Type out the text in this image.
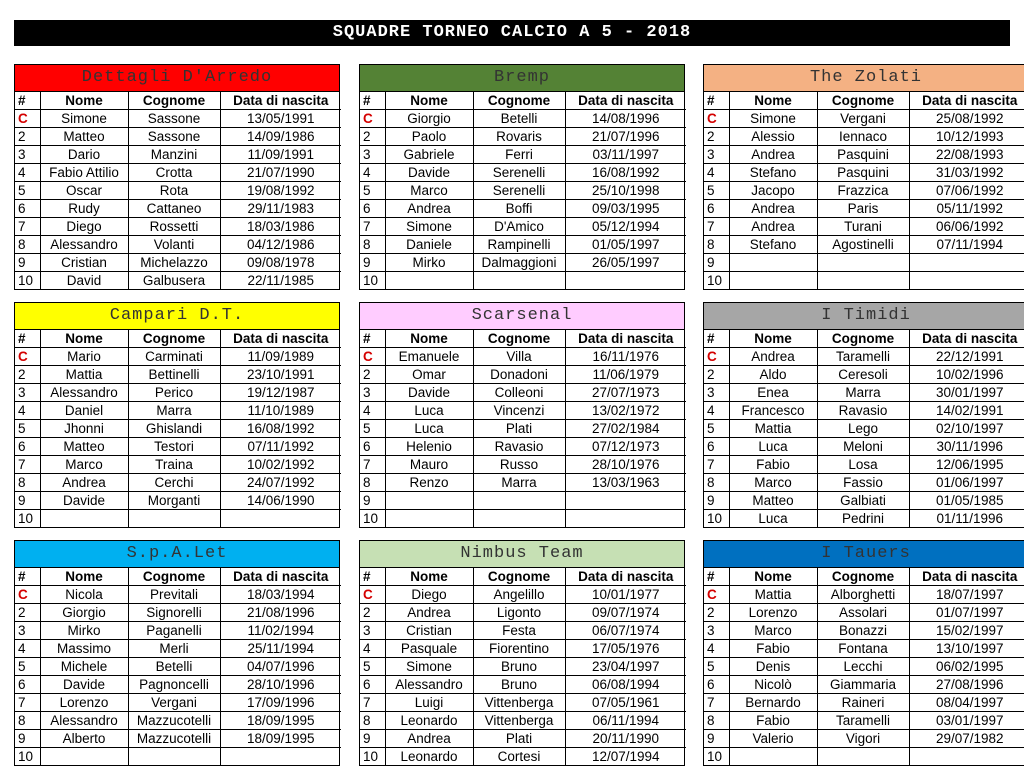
SQUADRE TORNEO CALCIO A 5 - 2018
Dettagli D'Arredo
#	Nome	Cognome	Data di nascita
C	Simone	Sassone	13/05/1991
2	Matteo	Sassone	14/09/1986
3	Dario	Manzini	11/09/1991
4	Fabio Attilio	Crotta	21/07/1990
5	Oscar	Rota	19/08/1992
6	Rudy	Cattaneo	29/11/1983
7	Diego	Rossetti	18/03/1986
8	Alessandro	Volanti	04/12/1986
9	Cristian	Michelazzo	09/08/1978
10	David	Galbusera	22/11/1985
Bremp
#	Nome	Cognome	Data di nascita
C	Giorgio	Betelli	14/08/1996
2	Paolo	Rovaris	21/07/1996
3	Gabriele	Ferri	03/11/1997
4	Davide	Serenelli	16/08/1992
5	Marco	Serenelli	25/10/1998
6	Andrea	Boffi	09/03/1995
7	Simone	D'Amico	05/12/1994
8	Daniele	Rampinelli	01/05/1997
9	Mirko	Dalmaggioni	26/05/1997
10			
The Zolati
#	Nome	Cognome	Data di nascita
C	Simone	Vergani	25/08/1992
2	Alessio	Iennaco	10/12/1993
3	Andrea	Pasquini	22/08/1993
4	Stefano	Pasquini	31/03/1992
5	Jacopo	Frazzica	07/06/1992
6	Andrea	Paris	05/11/1992
7	Andrea	Turani	06/06/1992
8	Stefano	Agostinelli	07/11/1994
9			
10			
Campari D.T.
#	Nome	Cognome	Data di nascita
C	Mario	Carminati	11/09/1989
2	Mattia	Bettinelli	23/10/1991
3	Alessandro	Perico	19/12/1987
4	Daniel	Marra	11/10/1989
5	Jhonni	Ghislandi	16/08/1992
6	Matteo	Testori	07/11/1992
7	Marco	Traina	10/02/1992
8	Andrea	Cerchi	24/07/1992
9	Davide	Morganti	14/06/1990
10			
Scarsenal
#	Nome	Cognome	Data di nascita
C	Emanuele	Villa	16/11/1976
2	Omar	Donadoni	11/06/1979
3	Davide	Colleoni	27/07/1973
4	Luca	Vincenzi	13/02/1972
5	Luca	Plati	27/02/1984
6	Helenio	Ravasio	07/12/1973
7	Mauro	Russo	28/10/1976
8	Renzo	Marra	13/03/1963
9			
10			
I Timidi
#	Nome	Cognome	Data di nascita
C	Andrea	Taramelli	22/12/1991
2	Aldo	Ceresoli	10/02/1996
3	Enea	Marra	30/01/1997
4	Francesco	Ravasio	14/02/1991
5	Mattia	Lego	02/10/1997
6	Luca	Meloni	30/11/1996
7	Fabio	Losa	12/06/1995
8	Marco	Fassio	01/06/1997
9	Matteo	Galbiati	01/05/1985
10	Luca	Pedrini	01/11/1996
S.p.A.Let
#	Nome	Cognome	Data di nascita
C	Nicola	Previtali	18/03/1994
2	Giorgio	Signorelli	21/08/1996
3	Mirko	Paganelli	11/02/1994
4	Massimo	Merli	25/11/1994
5	Michele	Betelli	04/07/1996
6	Davide	Pagnoncelli	28/10/1996
7	Lorenzo	Vergani	17/09/1996
8	Alessandro	Mazzucotelli	18/09/1995
9	Alberto	Mazzucotelli	18/09/1995
10			
Nimbus Team
#	Nome	Cognome	Data di nascita
C	Diego	Angelillo	10/01/1977
2	Andrea	Ligonto	09/07/1974
3	Cristian	Festa	06/07/1974
4	Pasquale	Fiorentino	17/05/1976
5	Simone	Bruno	23/04/1997
6	Alessandro	Bruno	06/08/1994
7	Luigi	Vittenberga	07/05/1961
8	Leonardo	Vittenberga	06/11/1994
9	Andrea	Plati	20/11/1990
10	Leonardo	Cortesi	12/07/1994
I Tauers
#	Nome	Cognome	Data di nascita
C	Mattia	Alborghetti	18/07/1997
2	Lorenzo	Assolari	01/07/1997
3	Marco	Bonazzi	15/02/1997
4	Fabio	Fontana	13/10/1997
5	Denis	Lecchi	06/02/1995
6	Nicolò	Giammaria	27/08/1996
7	Bernardo	Raineri	08/04/1997
8	Fabio	Taramelli	03/01/1997
9	Valerio	Vigori	29/07/1982
10			
